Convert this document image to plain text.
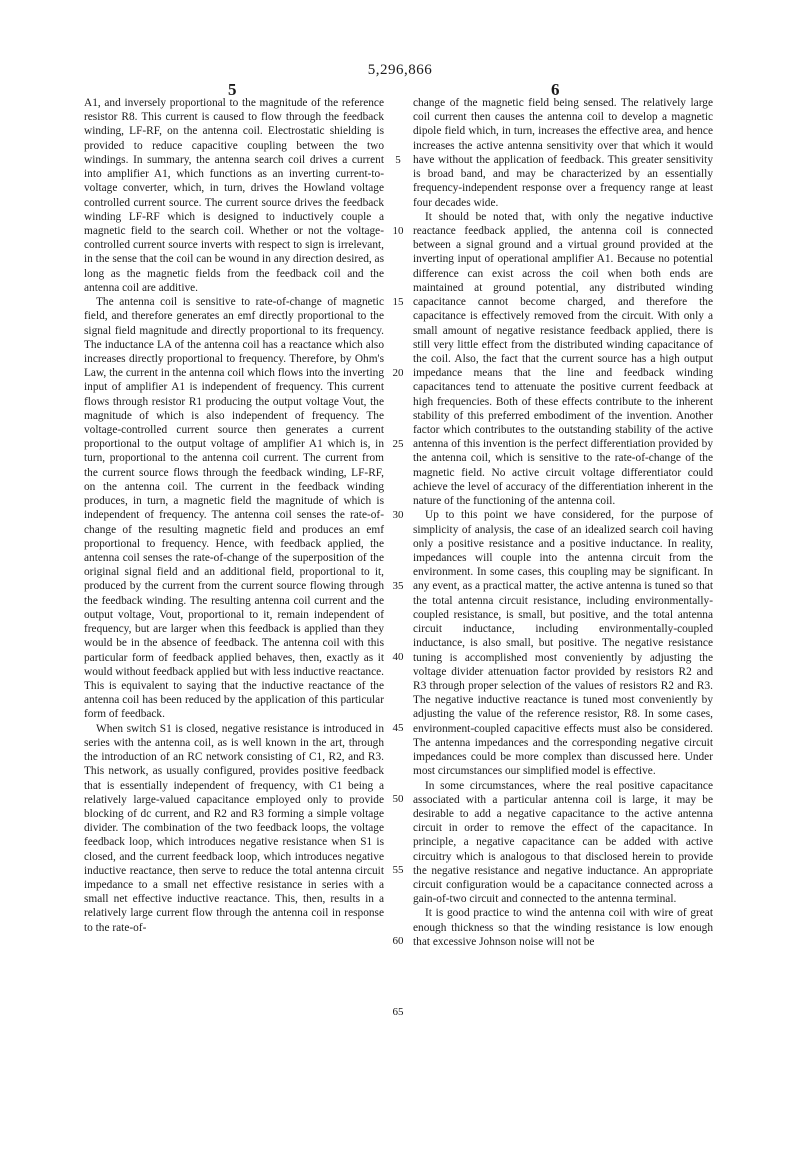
5,296,866
5	6

A1, and inversely proportional to the magnitude of the reference resistor R8. This current is caused to flow through the feedback winding, LF-RF, on the antenna coil. Electrostatic shielding is provided to reduce capacitive coupling between the two windings. In summary, the antenna search coil drives a current into amplifier A1, which functions as an inverting current-to-voltage converter, which, in turn, drives the Howland voltage controlled current source. The current source drives the feedback winding LF-RF which is designed to inductively couple a magnetic field to the search coil. Whether or not the voltage-controlled current source inverts with respect to sign is irrelevant, in the sense that the coil can be wound in any direction desired, as long as the magnetic fields from the feedback coil and the antenna coil are additive.

The antenna coil is sensitive to rate-of-change of magnetic field, and therefore generates an emf directly proportional to the signal field magnitude and directly proportional to its frequency. The inductance LA of the antenna coil has a reactance which also increases directly proportional to frequency. Therefore, by Ohm's Law, the current in the antenna coil which flows into the inverting input of amplifier A1 is independent of frequency. This current flows through resistor R1 producing the output voltage Vout, the magnitude of which is also independent of frequency. The voltage-controlled current source then generates a current proportional to the output voltage of amplifier A1 which is, in turn, proportional to the antenna coil current. The current from the current source flows through the feedback winding, LF-RF, on the antenna coil. The current in the feedback winding produces, in turn, a magnetic field the magnitude of which is independent of frequency. The antenna coil senses the rate-of-change of the resulting magnetic field and produces an emf proportional to frequency. Hence, with feedback applied, the antenna coil senses the rate-of-change of the superposition of the original signal field and an additional field, proportional to it, produced by the current from the current source flowing through the feedback winding. The resulting antenna coil current and the output voltage, Vout, proportional to it, remain independent of frequency, but are larger when this feedback is applied than they would be in the absence of feedback. The antenna coil with this particular form of feedback applied behaves, then, exactly as it would without feedback applied but with less inductive reactance. This is equivalent to saying that the inductive reactance of the antenna coil has been reduced by the application of this particular form of feedback.

When switch S1 is closed, negative resistance is introduced in series with the antenna coil, as is well known in the art, through the introduction of an RC network consisting of C1, R2, and R3. This network, as usually configured, provides positive feedback that is essentially independent of frequency, with C1 being a relatively large-valued capacitance employed only to provide blocking of dc current, and R2 and R3 forming a simple voltage divider. The combination of the two feedback loops, the voltage feedback loop, which introduces negative resistance when S1 is closed, and the current feedback loop, which introduces negative inductive reactance, then serve to reduce the total antenna circuit impedance to a small net effective resistance in series with a small net effective inductive reactance. This, then, results in a relatively large current flow through the antenna coil in response to the rate-of-

change of the magnetic field being sensed. The relatively large coil current then causes the antenna coil to develop a magnetic dipole field which, in turn, increases the effective area, and hence increases the active antenna sensitivity over that which it would have without the application of feedback. This greater sensitivity is broad band, and may be characterized by an essentially frequency-independent response over a frequency range at least four decades wide.

It should be noted that, with only the negative inductive reactance feedback applied, the antenna coil is connected between a signal ground and a virtual ground provided at the inverting input of operational amplifier A1. Because no potential difference can exist across the coil when both ends are maintained at ground potential, any distributed winding capacitance cannot become charged, and therefore the capacitance is effectively removed from the circuit. With only a small amount of negative resistance feedback applied, there is still very little effect from the distributed winding capacitance of the coil. Also, the fact that the current source has a high output impedance means that the line and feedback winding capacitances tend to attenuate the positive current feedback at high frequencies. Both of these effects contribute to the inherent stability of this preferred embodiment of the invention. Another factor which contributes to the outstanding stability of the active antenna of this invention is the perfect differentiation provided by the antenna coil, which is sensitive to the rate-of-change of the magnetic field. No active circuit voltage differentiator could achieve the level of accuracy of the differentiation inherent in the nature of the functioning of the antenna coil.

Up to this point we have considered, for the purpose of simplicity of analysis, the case of an idealized search coil having only a positive resistance and a positive inductance. In reality, impedances will couple into the antenna circuit from the environment. In some cases, this coupling may be significant. In any event, as a practical matter, the active antenna is tuned so that the total antenna circuit resistance, including environmentally-coupled resistance, is small, but positive, and the total antenna circuit inductance, including environmentally-coupled inductance, is also small, but positive. The negative resistance tuning is accomplished most conveniently by adjusting the voltage divider attenuation factor provided by resistors R2 and R3 through proper selection of the values of resistors R2 and R3. The negative inductive reactance is tuned most conveniently by adjusting the value of the reference resistor, R8. In some cases, environment-coupled capacitive effects must also be considered. The antenna impedances and the corresponding negative circuit impedances could be more complex than discussed here. Under most circumstances our simplified model is effective.

In some circumstances, where the real positive capacitance associated with a particular antenna coil is large, it may be desirable to add a negative capacitance to the active antenna circuit in order to remove the effect of the capacitance. In principle, a negative capacitance can be added with active circuitry which is analogous to that disclosed herein to provide the negative resistance and negative inductance. An appropriate circuit configuration would be a capacitance connected across a gain-of-two circuit and connected to the antenna terminal.

It is good practice to wind the antenna coil with wire of great enough thickness so that the winding resistance is low enough that excessive Johnson noise will not be

5
10
15
20
25
30
35
40
45
50
55
60
65
